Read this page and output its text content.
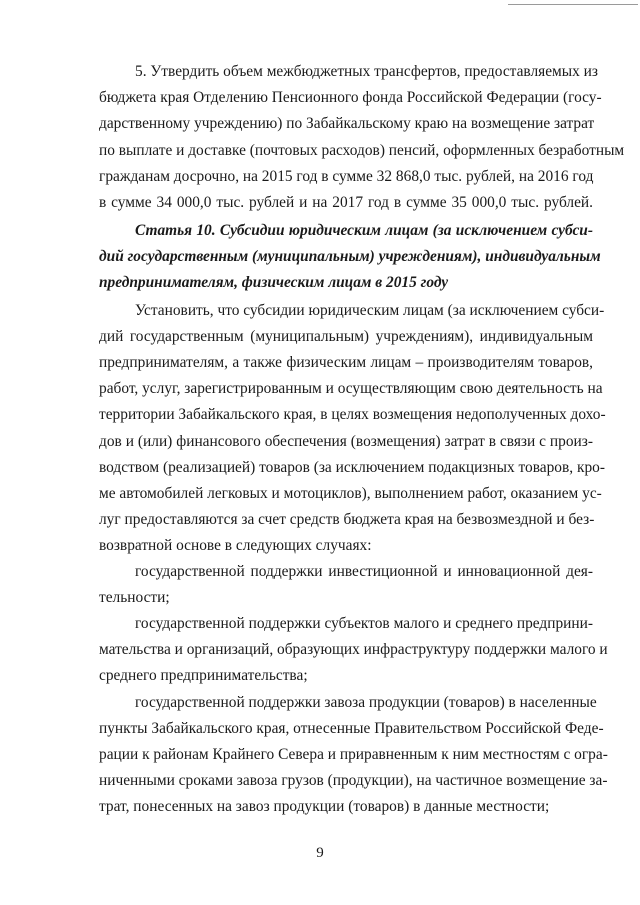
5. Утвердить объем межбюджетных трансфертов, предоставляемых из
бюджета края Отделению Пенсионного фонда Российской Федерации (госу-
дарственному учреждению) по Забайкальскому краю на возмещение затрат
по выплате и доставке (почтовых расходов) пенсий, оформленных безработным
гражданам досрочно, на 2015 год в сумме 32 868,0 тыс. рублей, на 2016 год
в сумме 34 000,0 тыс. рублей и на 2017 год в сумме 35 000,0 тыс. рублей.
Статья 10. Субсидии юридическим лицам (за исключением субси-
дий государственным (муниципальным) учреждениям), индивидуальным
предпринимателям, физическим лицам в 2015 году
Установить, что субсидии юридическим лицам (за исключением субси-
дий государственным (муниципальным) учреждениям), индивидуальным
предпринимателям, а также физическим лицам – производителям товаров,
работ, услуг, зарегистрированным и осуществляющим свою деятельность на
территории Забайкальского края, в целях возмещения недополученных дохо-
дов и (или) финансового обеспечения (возмещения) затрат в связи с произ-
водством (реализацией) товаров (за исключением подакцизных товаров, кро-
ме автомобилей легковых и мотоциклов), выполнением работ, оказанием ус-
луг предоставляются за счет средств бюджета края на безвозмездной и без-
возвратной основе в следующих случаях:
государственной поддержки инвестиционной и инновационной дея-
тельности;
государственной поддержки субъектов малого и среднего предприни-
мательства и организаций, образующих инфраструктуру поддержки малого и
среднего предпринимательства;
государственной поддержки завоза продукции (товаров) в населенные
пункты Забайкальского края, отнесенные Правительством Российской Феде-
рации к районам Крайнего Севера и приравненным к ним местностям с огра-
ниченными сроками завоза грузов (продукции), на частичное возмещение за-
трат, понесенных на завоз продукции (товаров) в данные местности;
9
